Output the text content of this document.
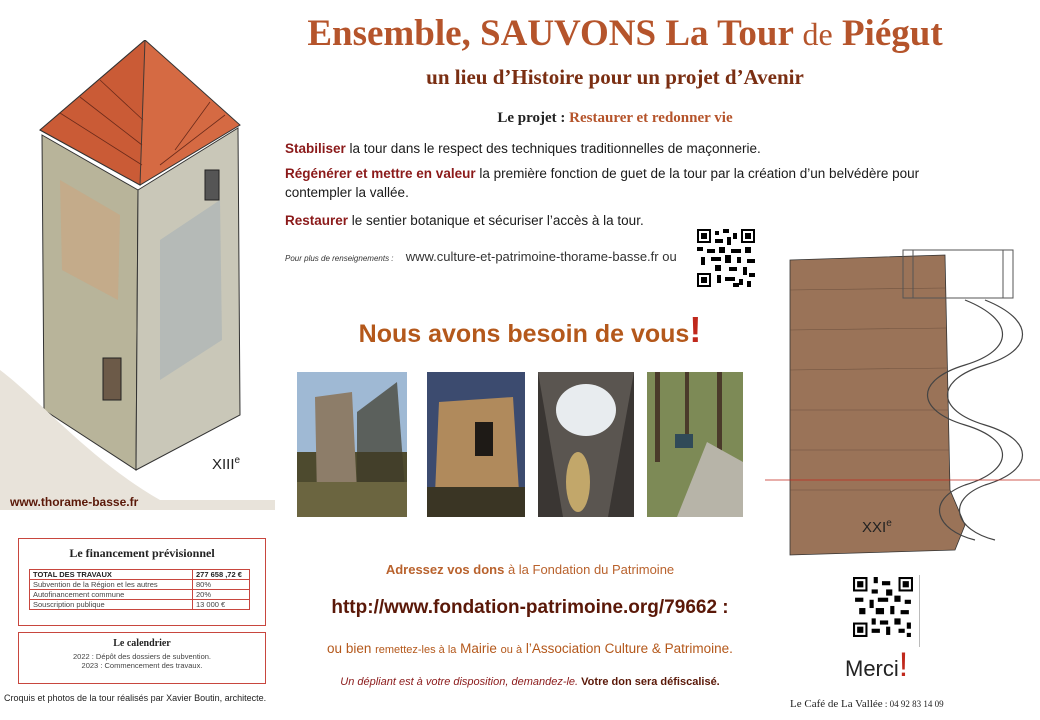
Ensemble, SAUVONS La Tour de Piégut
un lieu d’Histoire pour un projet d’Avenir
Le projet : Restaurer et redonner vie
Stabiliser la tour dans le respect des techniques traditionnelles de maçonnerie.
Régénérer et mettre en valeur la première fonction de guet de la tour par la création d’un belvédère pour contempler la vallée.
Restaurer le sentier botanique et sécuriser l’accès à la tour.
Pour plus de renseignements : www.culture-et-patrimoine-thorame-basse.fr ou
Nous avons besoin de vous!
XIIIe
www.thorame-basse.fr
XXIe
Le financement prévisionnel
TOTAL DES TRAVAUX	277 658 ,72 €
Subvention de la Région et les autres	80%
Autofinancement commune	20%
Souscription publique	13 000 €
Le calendrier
2022 : Dépôt des dossiers de subvention.
2023 : Commencement des travaux.
Croquis et photos de la tour réalisés par Xavier Boutin, architecte.
Adressez vos dons à la Fondation du Patrimoine
http://www.fondation-patrimoine.org/79662 :
ou bien remettez-les à la Mairie ou à l’Association Culture & Patrimoine.
Un dépliant est à votre disposition, demandez-le. Votre don sera défiscalisé.
Merci!
Le Café de La Vallée : 04 92 83 14 09
